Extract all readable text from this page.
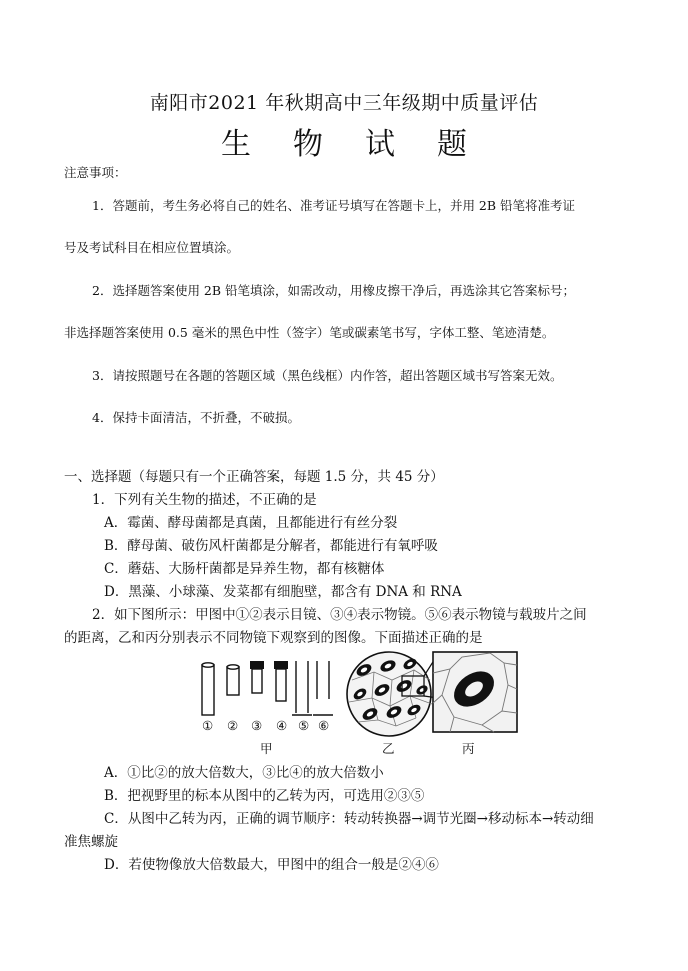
南阳市2021 年秋期高中三年级期中质量评估
生物试题
注意事项：
1．答题前，考生务必将自己的姓名、准考证号填写在答题卡上，并用 2B 铅笔将准考证
号及考试科目在相应位置填涂。
2．选择题答案使用 2B 铅笔填涂，如需改动，用橡皮擦干净后，再选涂其它答案标号；
非选择题答案使用 0.5 毫米的黑色中性（签字）笔或碳素笔书写，字体工整、笔迹清楚。
3．请按照题号在各题的答题区域（黑色线框）内作答，超出答题区域书写答案无效。
4．保持卡面清洁，不折叠，不破损。
一、选择题（每题只有一个正确答案，每题 1.5 分，共 45 分）
1．下列有关生物的描述，不正确的是
A．霉菌、酵母菌都是真菌，且都能进行有丝分裂
B．酵母菌、破伤风杆菌都是分解者，都能进行有氧呼吸
C．蘑菇、大肠杆菌都是异养生物，都有核糖体
D．黑藻、小球藻、发菜都有细胞壁，都含有 DNA 和 RNA
2．如下图所示：甲图中①②表示目镜、③④表示物镜。⑤⑥表示物镜与载玻片之间
的距离，乙和丙分别表示不同物镜下观察到的图像。下面描述正确的是
① ② ③ ④ ⑤ ⑥
甲	乙	丙
A．①比②的放大倍数大，③比④的放大倍数小
B．把视野里的标本从图中的乙转为丙，可选用②③⑤
C．从图中乙转为丙，正确的调节顺序：转动转换器→调节光圈→移动标本→转动细
准焦螺旋
D．若使物像放大倍数最大，甲图中的组合一般是②④⑥
